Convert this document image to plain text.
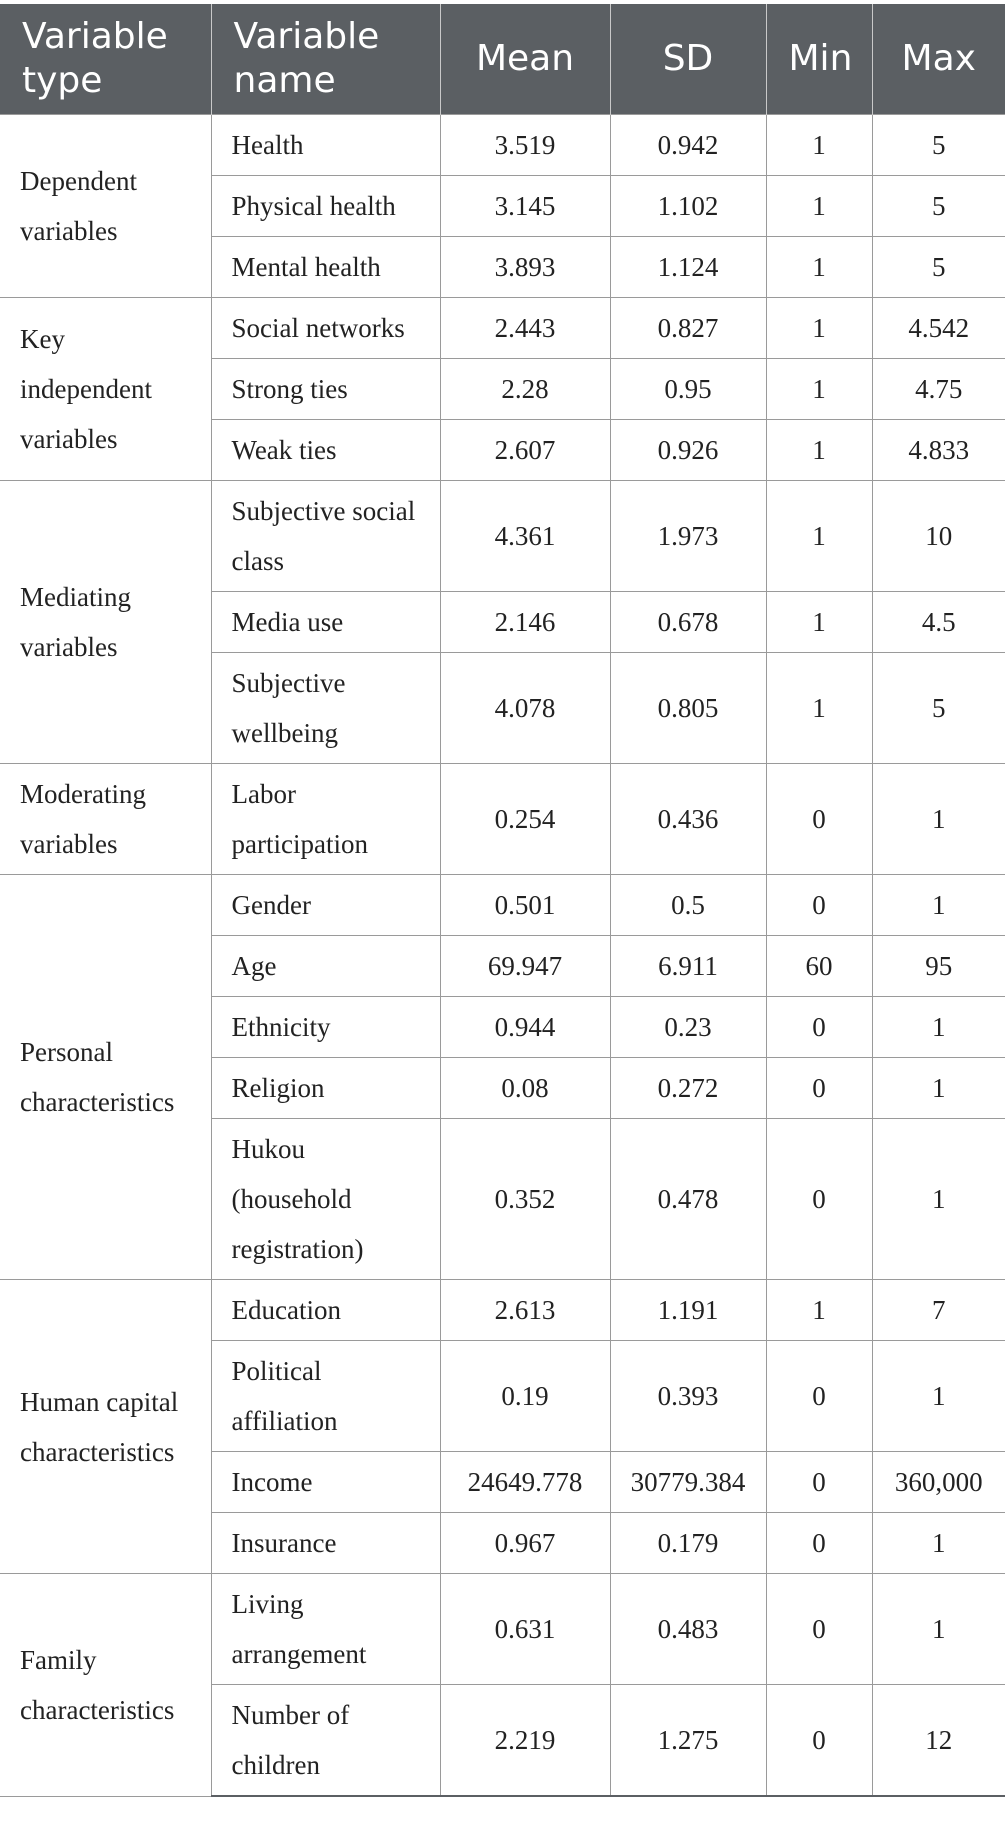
Variable type	Variable name	Mean	SD	Min	Max
Dependent variables	Health	3.519	0.942	1	5
	Physical health	3.145	1.102	1	5
	Mental health	3.893	1.124	1	5
Key independent variables	Social networks	2.443	0.827	1	4.542
	Strong ties	2.28	0.95	1	4.75
	Weak ties	2.607	0.926	1	4.833
Mediating variables	Subjective social class	4.361	1.973	1	10
	Media use	2.146	0.678	1	4.5
	Subjective wellbeing	4.078	0.805	1	5
Moderating variables	Labor participation	0.254	0.436	0	1
Personal characteristics	Gender	0.501	0.5	0	1
	Age	69.947	6.911	60	95
	Ethnicity	0.944	0.23	0	1
	Religion	0.08	0.272	0	1
	Hukou (household registration)	0.352	0.478	0	1
Human capital characteristics	Education	2.613	1.191	1	7
	Political affiliation	0.19	0.393	0	1
	Income	24649.778	30779.384	0	360,000
	Insurance	0.967	0.179	0	1
Family characteristics	Living arrangement	0.631	0.483	0	1
	Number of children	2.219	1.275	0	12
